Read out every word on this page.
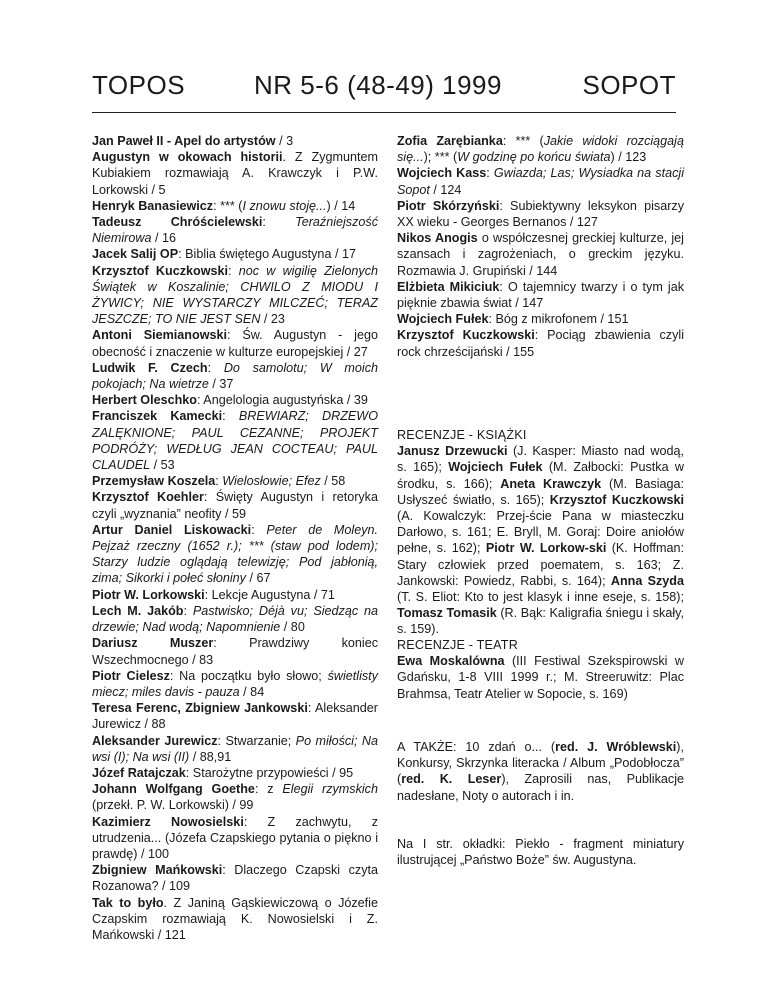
TOPOS	NR 5-6 (48-49) 1999	SOPOT

Jan Paweł II - Apel do artystów / 3

Augustyn w okowach historii. Z Zygmuntem Kubiakiem rozmawiają A. Krawczyk i P.W. Lorkowski / 5

Henryk Banasiewicz: *** (I znowu stoję...) / 14

Tadeusz Chróścielewski: Teraźniejszość Niemirowa / 16

Jacek Salij OP: Biblia świętego Augustyna / 17

Krzysztof Kuczkowski: noc w wigilię Zielonych Świątek w Koszalinie; CHWILO Z MIODU I ŻYWICY; NIE WYSTARCZY MILCZEĆ; TERAZ JESZCZE; TO NIE JEST SEN / 23

Antoni Siemianowski: Św. Augustyn - jego obecność i znaczenie w kulturze europejskiej / 27

Ludwik F. Czech: Do samolotu; W moich pokojach; Na wietrze / 37

Herbert Oleschko: Angelologia augustyńska / 39

Franciszek Kamecki: BREWIARZ; DRZEWO ZALĘKNIONE; PAUL CEZANNE; PROJEKT PODRÓŻY; WEDŁUG JEAN COCTEAU; PAUL CLAUDEL / 53

Przemysław Koszela: Wielosłowie; Efez / 58

Krzysztof Koehler: Święty Augustyn i retoryka czyli „wyznania” neofity / 59

Artur Daniel Liskowacki: Peter de Moleyn. Pejzaż rzeczny (1652 r.); *** (staw pod lodem); Starzy ludzie oglądają telewizję; Pod jabłonią, zima; Sikorki i połeć słoniny / 67

Piotr W. Lorkowski: Lekcje Augustyna / 71

Lech M. Jakób: Pastwisko; Déjà vu; Siedząc na drzewie; Nad wodą; Napomnienie / 80

Dariusz Muszer: Prawdziwy koniec Wszechmocnego / 83

Piotr Cielesz: Na początku było słowo; świetlisty miecz; miles davis - pauza / 84

Teresa Ferenc, Zbigniew Jankowski: Aleksander Jurewicz / 88

Aleksander Jurewicz: Stwarzanie; Po miłości; Na wsi (I); Na wsi (II) / 88,91

Józef Ratajczak: Starożytne przypowieści / 95

Johann Wolfgang Goethe: z Elegii rzymskich (przekł. P. W. Lorkowski) / 99

Kazimierz Nowosielski: Z zachwytu, z utrudzenia... (Józefa Czapskiego pytania o piękno i prawdę) / 100

Zbigniew Mańkowski: Dlaczego Czapski czyta Rozanowa? / 109

Tak to było. Z Janiną Gąskiewiczową o Józefie Czapskim rozmawiają K. Nowosielski i Z. Mańkowski / 121

Zofia Zarębianka: *** (Jakie widoki rozciągają się...); *** (W godzinę po końcu świata) / 123

Wojciech Kass: Gwiazda; Las; Wysiadka na stacji Sopot / 124

Piotr Skórzyński: Subiektywny leksykon pisarzy XX wieku - Georges Bernanos / 127

Nikos Anogis o współczesnej greckiej kulturze, jej szansach i zagrożeniach, o greckim języku. Rozmawia J. Grupiński / 144

Elżbieta Mikiciuk: O tajemnicy twarzy i o tym jak pięknie zbawia świat / 147

Wojciech Fułek: Bóg z mikrofonem / 151

Krzysztof Kuczkowski: Pociąg zbawienia czyli rock chrześcijański / 155

RECENZJE - KSIĄŻKI
Janusz Drzewucki (J. Kasper: Miasto nad wodą, s. 165); Wojciech Fułek (M. Załbocki: Pustka w środku, s. 166); Aneta Krawczyk (M. Basiaga: Usłyszeć światło, s. 165); Krzysztof Kuczkowski (A. Kowalczyk: Przej-ście Pana w miasteczku Darłowo, s. 161; E. Bryll, M. Goraj: Doire aniołów pełne, s. 162); Piotr W. Lorkow-ski (K. Hoffman: Stary człowiek przed poematem, s. 163; Z. Jankowski: Powiedz, Rabbi, s. 164); Anna Szyda (T. S. Eliot: Kto to jest klasyk i inne eseje, s. 158); Tomasz Tomasik (R. Bąk: Kaligrafia śniegu i skały, s. 159).
RECENZJE - TEATR
Ewa Moskalówna (III Festiwal Szekspirowski w Gdańsku, 1-8 VIII 1999 r.; M. Streeruwitz: Plac Brahmsa, Teatr Atelier w Sopocie, s. 169)
A TAKŻE: 10 zdań o... (red. J. Wróblewski), Konkursy, Skrzynka literacka / Album „Podobłocza” (red. K. Leser), Zaprosili nas, Publikacje nadesłane, Noty o autorach i in.
Na I str. okładki: Piekło - fragment miniatury ilustrującej „Państwo Boże” św. Augustyna.
